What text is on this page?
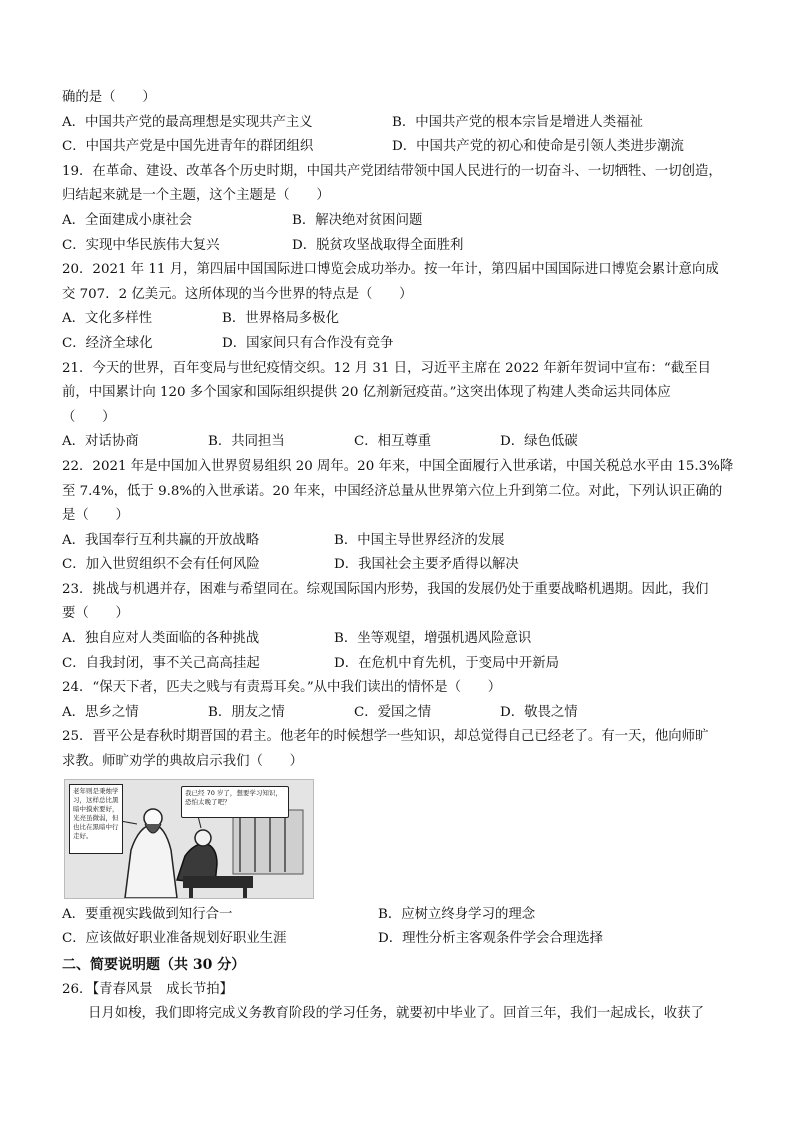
确的是（　　）
A．中国共产党的最高理想是实现共产主义	B．中国共产党的根本宗旨是增进人类福祉
C．中国共产党是中国先进青年的群团组织	D．中国共产党的初心和使命是引领人类进步潮流
19．在革命、建设、改革各个历史时期，中国共产党团结带领中国人民进行的一切奋斗、一切牺牲、一切创造，
归结起来就是一个主题，这个主题是（　　）
A．全面建成小康社会	B．解决绝对贫困问题
C．实现中华民族伟大复兴	D．脱贫攻坚战取得全面胜利
20．2021 年 11 月，第四届中国国际进口博览会成功举办。按一年计，第四届中国国际进口博览会累计意向成
交 707．2 亿美元。这所体现的当今世界的特点是（　　）
A．文化多样性	B．世界格局多极化
C．经济全球化	D．国家间只有合作没有竞争
21．今天的世界，百年变局与世纪疫情交织。12 月 31 日，习近平主席在 2022 年新年贺词中宣布：“截至目
前，中国累计向 120 多个国家和国际组织提供 20 亿剂新冠疫苗。”这突出体现了构建人类命运共同体应
（　　）
A．对话协商	B．共同担当	C．相互尊重	D．绿色低碳
22．2021 年是中国加入世界贸易组织 20 周年。20 年来，中国全面履行入世承诺，中国关税总水平由 15.3%降
至 7.4%，低于 9.8%的入世承诺。20 年来，中国经济总量从世界第六位上升到第二位。对此，下列认识正确的
是（　　）
A．我国奉行互利共赢的开放战略	B．中国主导世界经济的发展
C．加入世贸组织不会有任何风险	D．我国社会主要矛盾得以解决
23．挑战与机遇并存，困难与希望同在。综观国际国内形势，我国的发展仍处于重要战略机遇期。因此，我们
要（　　）
A．独自应对人类面临的各种挑战	B．坐等观望，增强机遇风险意识
C．自我封闭，事不关己高高挂起	D．在危机中育先机，于变局中开新局
24．“保天下者，匹夫之贱与有责焉耳矣。”从中我们读出的情怀是（　　）
A．思乡之情	B．朋友之情	C．爱国之情	D．敬畏之情
25．晋平公是春秋时期晋国的君主。他老年的时候想学一些知识，却总觉得自己已经老了。有一天，他向师旷
求教。师旷劝学的典故启示我们（　　）
老年则是秉烛学习，这样总比黑暗中摸索要好，光亮虽微弱，但也比在黑暗中行走好。
我已经 70 岁了，想要学习知识，恐怕太晚了吧？
A．要重视实践做到知行合一	B．应树立终身学习的理念
C．应该做好职业准备规划好职业生涯	D．理性分析主客观条件学会合理选择
二、简要说明题（共 30 分）
26．【青春风景　成长节拍】
日月如梭，我们即将完成义务教育阶段的学习任务，就要初中毕业了。回首三年，我们一起成长，收获了
